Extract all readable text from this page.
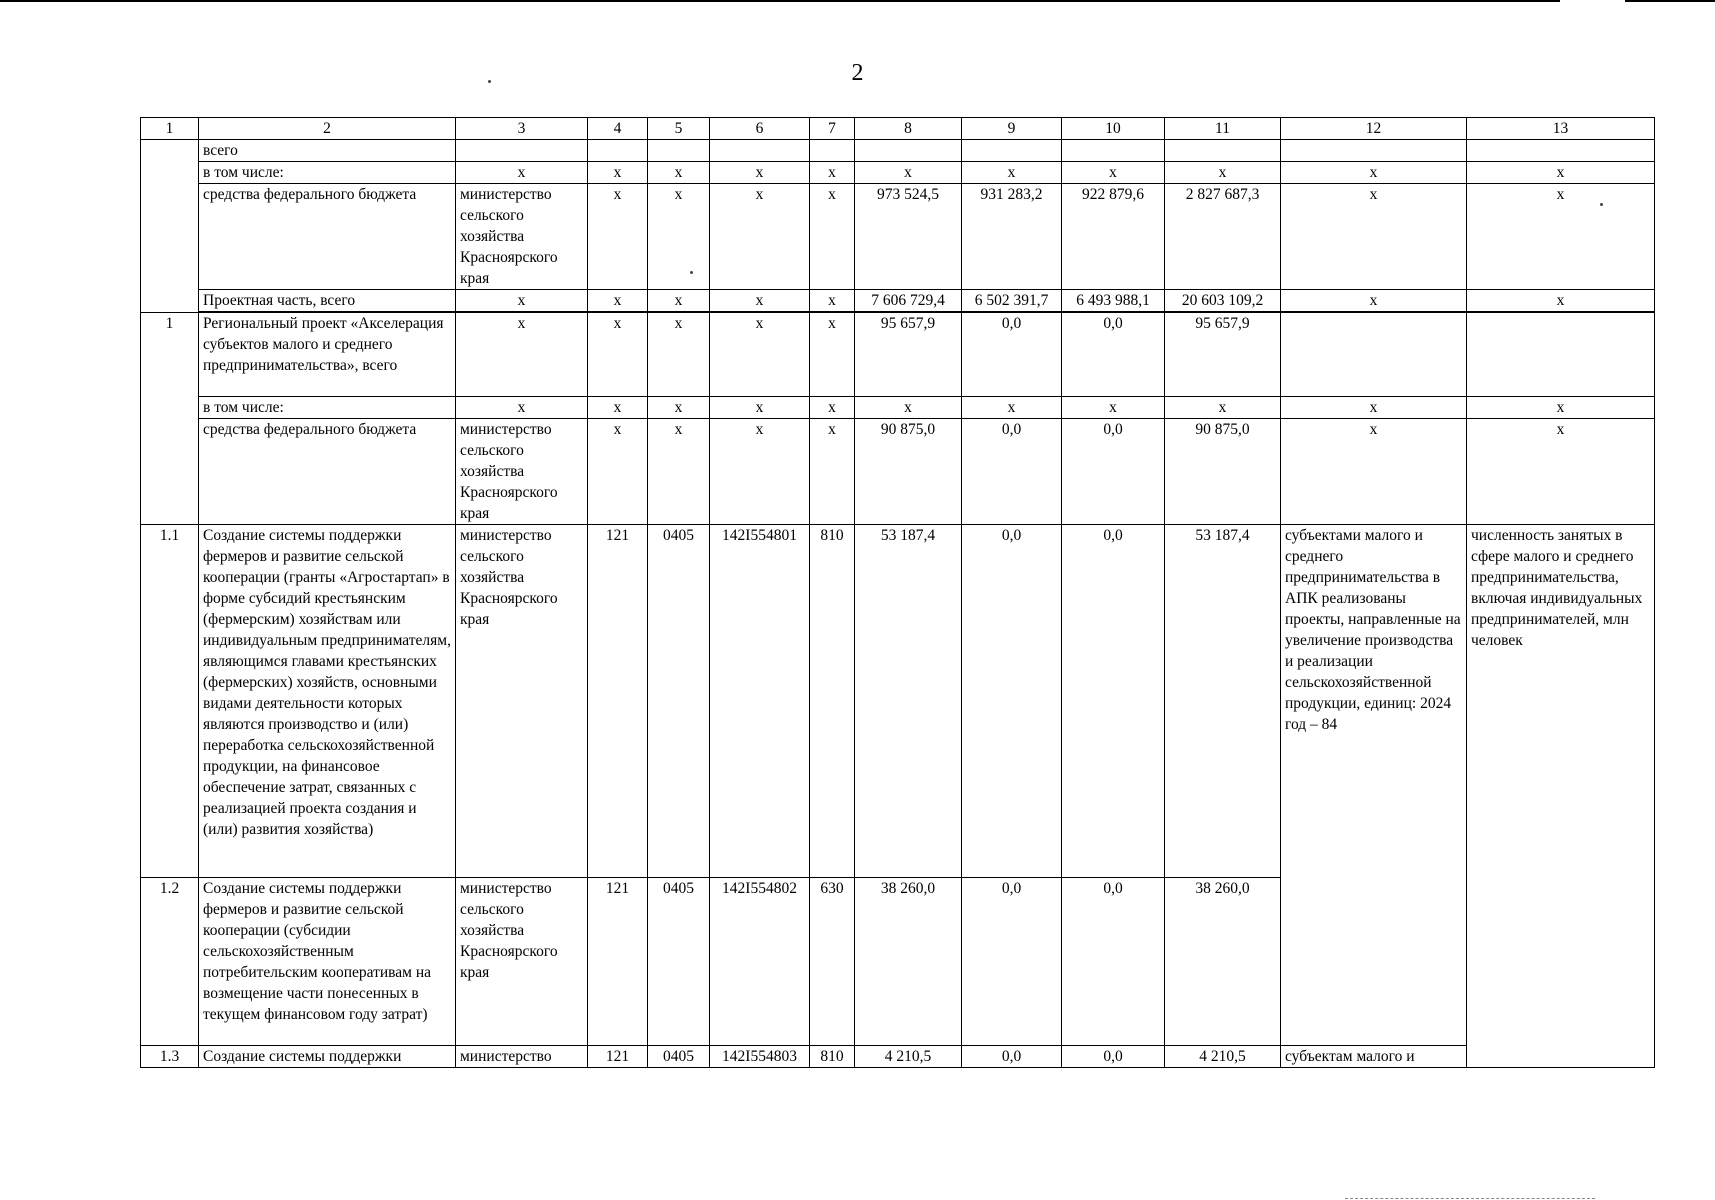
2
1	2	3	4	5	6	7	8	9	10	11	12	13
	всего											
	в том числе:	х	х	х	х	х	х	х	х	х	х	х
	средства федерального бюджета	министерство сельского хозяйства Красноярского края	х	х	х	х	973 524,5	931 283,2	922 879,6	2 827 687,3	х	х
	Проектная часть, всего	х	х	х	х	х	7 606 729,4	6 502 391,7	6 493 988,1	20 603 109,2	х	х

1	Региональный проект «Акселерация субъектов малого и среднего предпринимательства», всего	х	х	х	х	х	95 657,9	0,0	0,0	95 657,9		
	в том числе:	х	х	х	х	х	х	х	х	х	х	х
	средства федерального бюджета	министерство сельского хозяйства Красноярского края	х	х	х	х	90 875,0	0,0	0,0	90 875,0	х	х
1.1	Создание системы поддержки фермеров и развитие сельской кооперации (гранты «Агростартап» в форме субсидий крестьянским (фермерским) хозяйствам или индивидуальным предпринимателям, являющимся главами крестьянских (фермерских) хозяйств, основными видами деятельности которых являются производство и (или) переработка сельскохозяйственной продукции, на финансовое обеспечение затрат, связанных с реализацией проекта создания и (или) развития хозяйства)	министерство сельского хозяйства Красноярского края	121	0405	142I554801	810	53 187,4	0,0	0,0	53 187,4	субъектами малого и среднего предпринимательства в АПК реализованы проекты, направленные на увеличение производства и реализации сельскохозяйственной продукции, единиц: 2024 год – 84	численность занятых в сфере малого и среднего предпринимательства, включая индивидуальных предпринимателей, млн человек
1.2	Создание системы поддержки фермеров и развитие сельской кооперации (субсидии сельскохозяйственным потребительским кооперативам на возмещение части понесенных в текущем финансовом году затрат)	министерство сельского хозяйства Красноярского края	121	0405	142I554802	630	38 260,0	0,0	0,0	38 260,0		
1.3	Создание системы поддержки	министерство	121	0405	142I554803	810	4 210,5	0,0	0,0	4 210,5	субъектам малого и	
